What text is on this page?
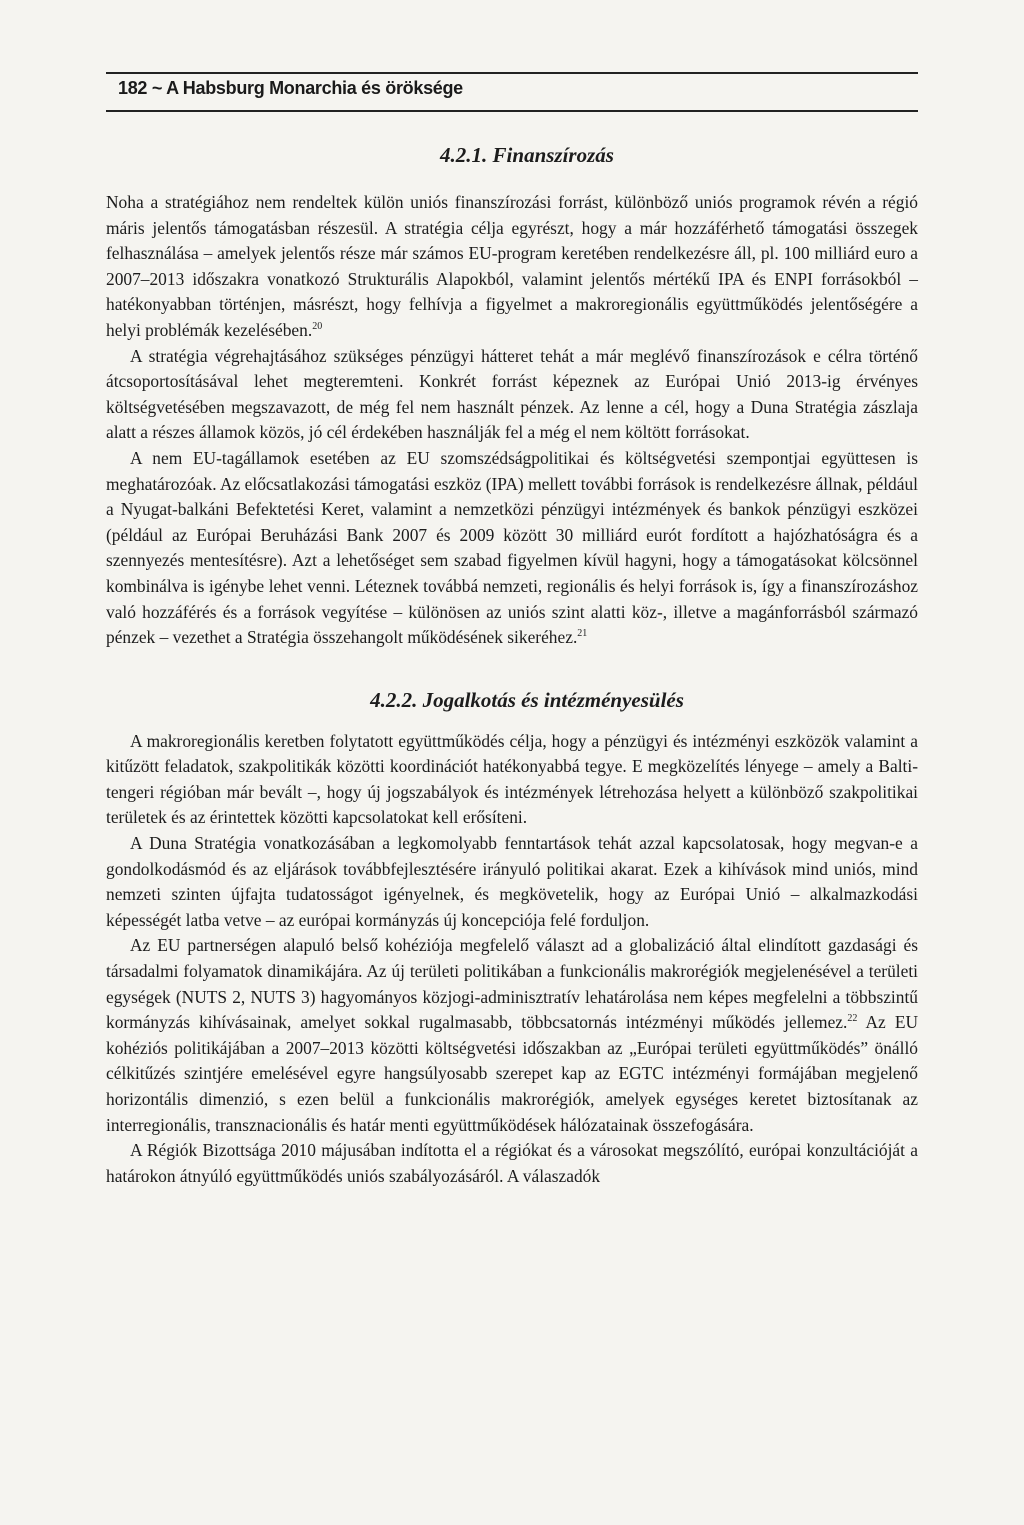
182 ~ A Habsburg Monarchia és öröksége
4.2.1. Finanszírozás

Noha a stratégiához nem rendeltek külön uniós finanszírozási forrást, különböző uniós programok révén a régió máris jelentős támogatásban részesül. A stratégia célja egyrészt, hogy a már hozzáférhető támogatási összegek felhasználása – amelyek jelentős része már számos EU-program keretében rendelkezésre áll, pl. 100 milliárd euro a 2007–2013 időszakra vonatkozó Strukturális Alapokból, valamint jelentős mértékű IPA és ENPI forrásokból – hatékonyabban történjen, másrészt, hogy felhívja a figyelmet a makroregionális együttműködés jelentőségére a helyi problémák kezelésében.$^{20}$

A stratégia végrehajtásához szükséges pénzügyi hátteret tehát a már meglévő finanszírozások e célra történő átcsoportosításával lehet megteremteni. Konkrét forrást képeznek az Európai Unió 2013-ig érvényes költségvetésében megszavazott, de még fel nem használt pénzek. Az lenne a cél, hogy a Duna Stratégia zászlaja alatt a részes államok közös, jó cél érdekében használják fel a még el nem költött forrásokat.

A nem EU-tagállamok esetében az EU szomszédságpolitikai és költségvetési szempontjai együttesen is meghatározóak. Az előcsatlakozási támogatási eszköz (IPA) mellett további források is rendelkezésre állnak, például a Nyugat-balkáni Befektetési Keret, valamint a nemzetközi pénzügyi intézmények és bankok pénzügyi eszközei (például az Európai Beruházási Bank 2007 és 2009 között 30 milliárd eurót fordított a hajózhatóságra és a szennyezés mentesítésre). Azt a lehetőséget sem szabad figyelmen kívül hagyni, hogy a támogatásokat kölcsönnel kombinálva is igénybe lehet venni. Léteznek továbbá nemzeti, regionális és helyi források is, így a finanszírozáshoz való hozzáférés és a források vegyítése – különösen az uniós szint alatti köz-, illetve a magánforrásból származó pénzek – vezethet a Stratégia összehangolt működésének sikeréhez.$^{21}$

4.2.2. Jogalkotás és intézményesülés

A makroregionális keretben folytatott együttműködés célja, hogy a pénzügyi és intézményi eszközök valamint a kitűzött feladatok, szakpolitikák közötti koordinációt hatékonyabbá tegye. E megközelítés lényege – amely a Balti-tengeri régióban már bevált –, hogy új jogszabályok és intézmények létrehozása helyett a különböző szakpolitikai területek és az érintettek közötti kapcsolatokat kell erősíteni.

A Duna Stratégia vonatkozásában a legkomolyabb fenntartások tehát azzal kapcsolatosak, hogy megvan-e a gondolkodásmód és az eljárások továbbfejlesztésére irányuló politikai akarat. Ezek a kihívások mind uniós, mind nemzeti szinten újfajta tudatosságot igényelnek, és megkövetelik, hogy az Európai Unió – alkalmazkodási képességét latba vetve – az európai kormányzás új koncepciója felé forduljon.

Az EU partnerségen alapuló belső kohéziója megfelelő választ ad a globalizáció által elindított gazdasági és társadalmi folyamatok dinamikájára. Az új területi politikában a funkcionális makrorégiók megjelenésével a területi egységek (NUTS 2, NUTS 3) hagyományos közjogi-adminisztratív lehatárolása nem képes megfelelni a többszintű kormányzás kihívásainak, amelyet sokkal rugalmasabb, többcsatornás intézményi működés jellemez.$^{22}$ Az EU kohéziós politikájában a 2007–2013 közötti költségvetési időszakban az „Európai területi együttműködés” önálló célkitűzés szintjére emelésével egyre hangsúlyosabb szerepet kap az EGTC intézményi formájában megjelenő horizontális dimenzió, s ezen belül a funkcionális makrorégiók, amelyek egységes keretet biztosítanak az interregionális, transznacionális és határ menti együttműködések hálózatainak összefogására.

A Régiók Bizottsága 2010 májusában indította el a régiókat és a városokat megszólító, európai konzultációját a határokon átnyúló együttműködés uniós szabályozásáról. A válaszadók
